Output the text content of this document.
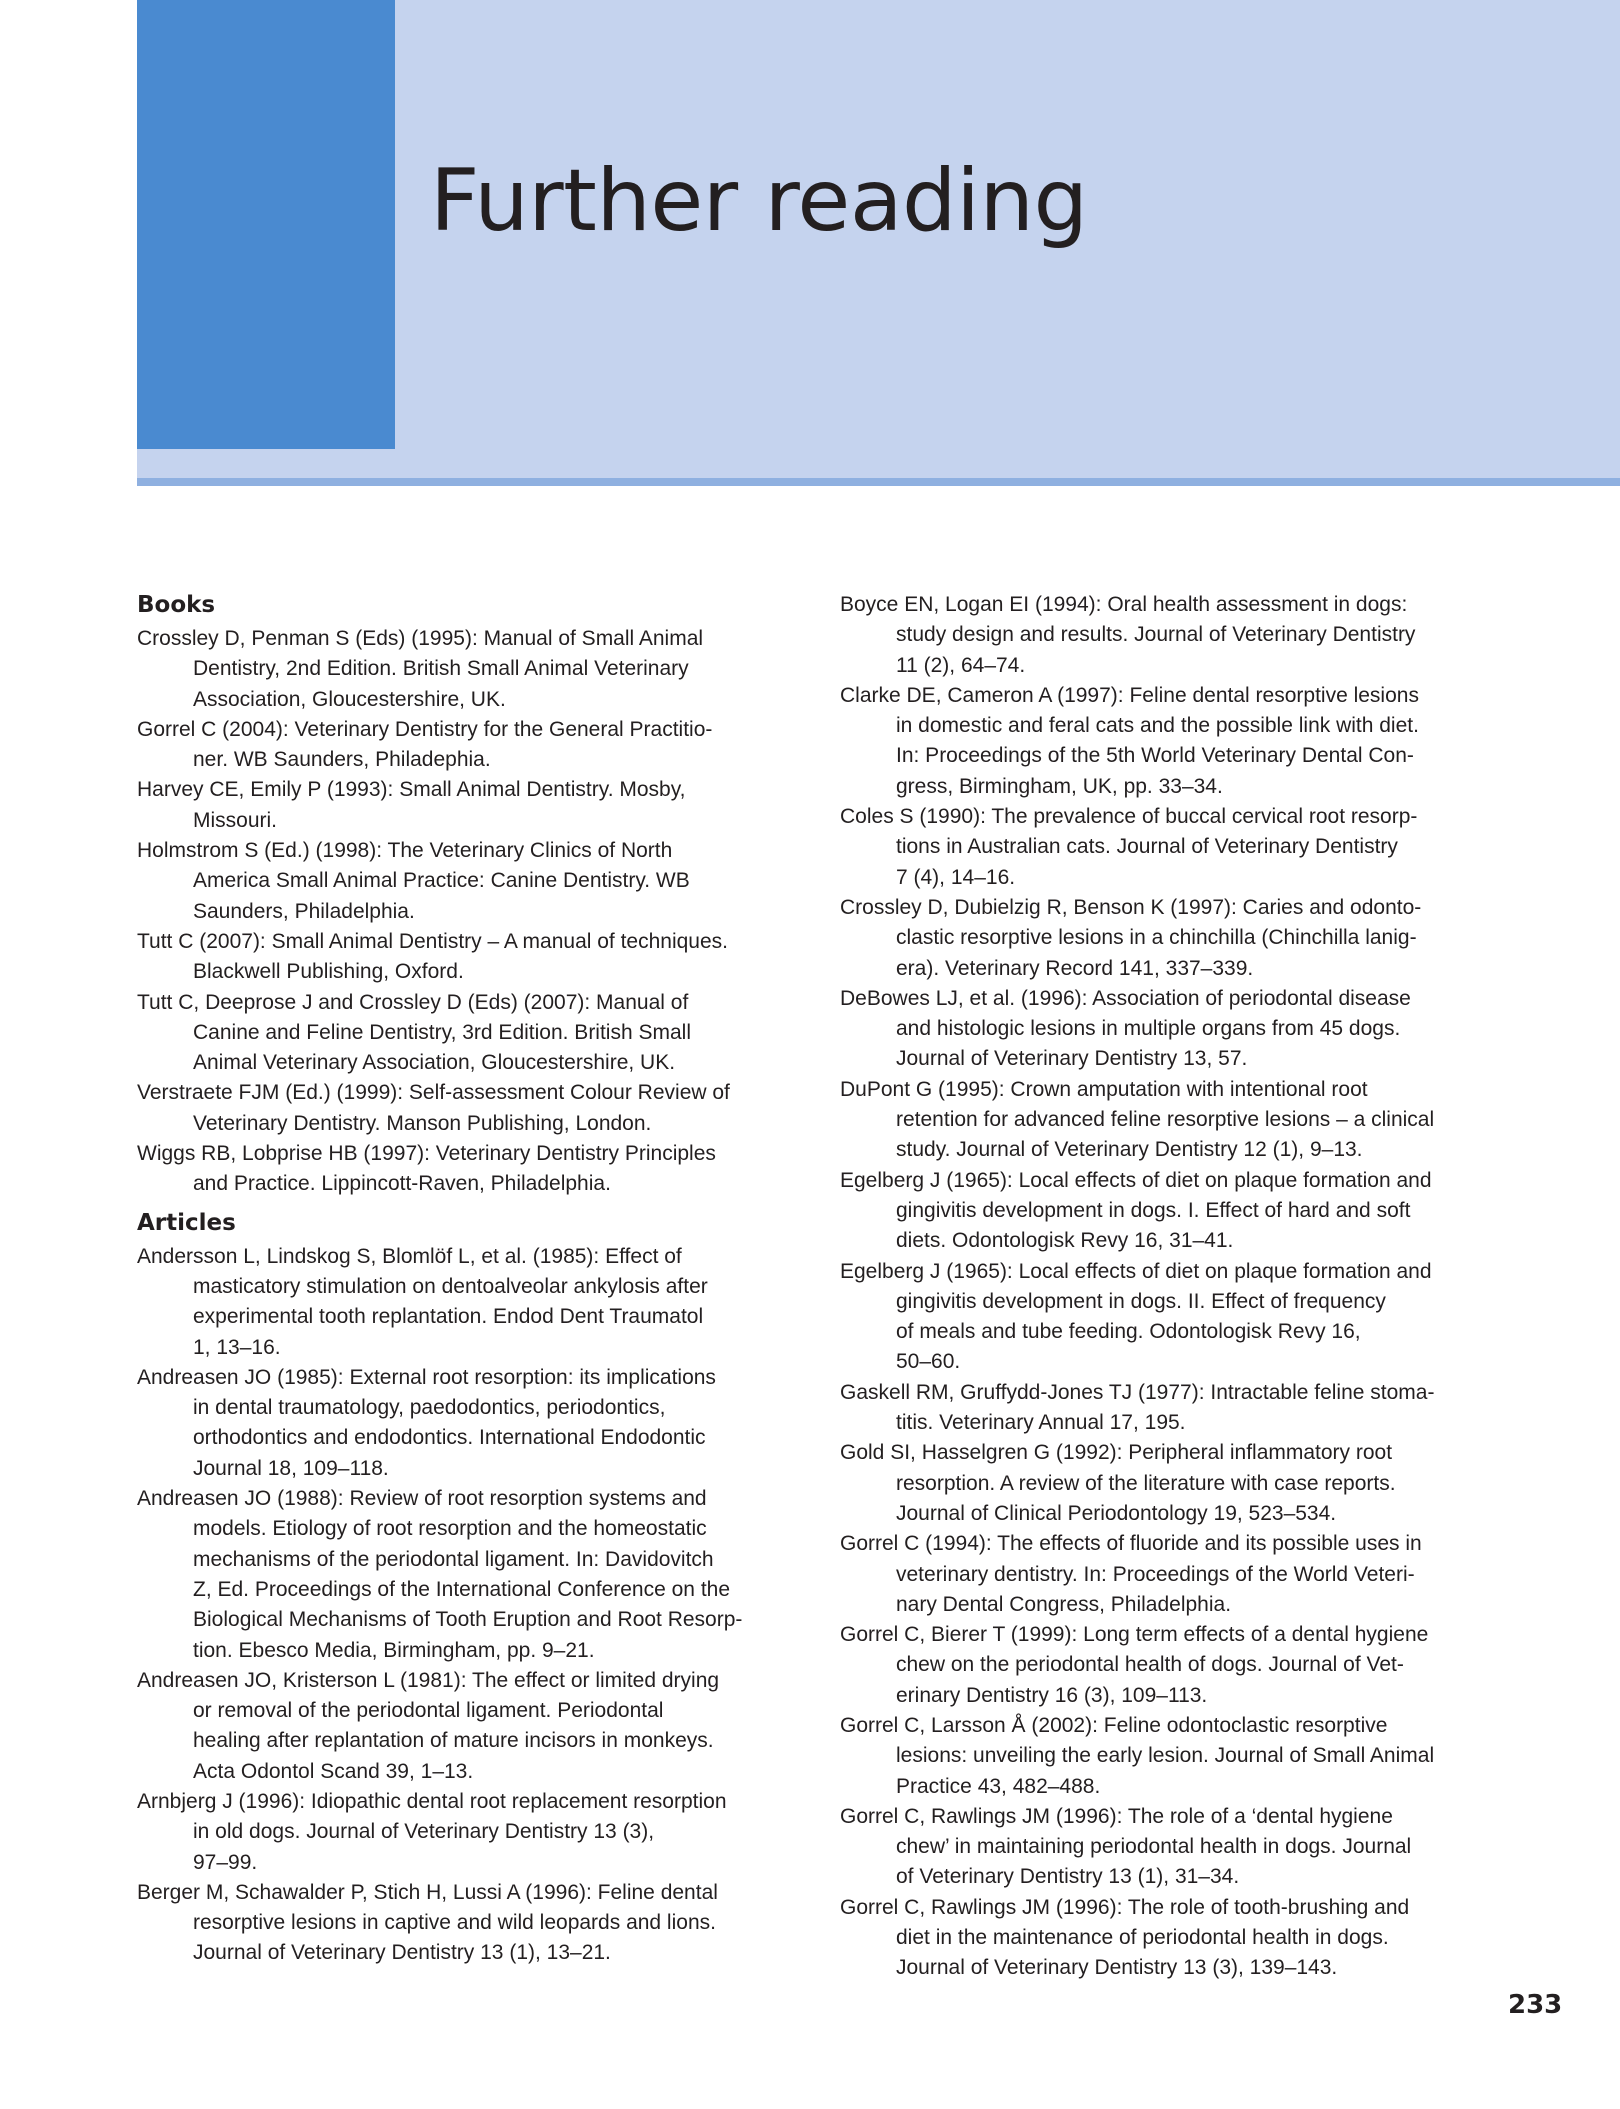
Further reading
Books

Crossley D, Penman S (Eds) (1995): Manual of Small Animal
Dentistry, 2nd Edition. British Small Animal Veterinary
Association, Gloucestershire, UK.

Gorrel C (2004): Veterinary Dentistry for the General Practitio-
ner. WB Saunders, Philadephia.

Harvey CE, Emily P (1993): Small Animal Dentistry. Mosby,
Missouri.

Holmstrom S (Ed.) (1998): The Veterinary Clinics of North
America Small Animal Practice: Canine Dentistry. WB
Saunders, Philadelphia.

Tutt C (2007): Small Animal Dentistry – A manual of techniques.
Blackwell Publishing, Oxford.

Tutt C, Deeprose J and Crossley D (Eds) (2007): Manual of
Canine and Feline Dentistry, 3rd Edition. British Small
Animal Veterinary Association, Gloucestershire, UK.

Verstraete FJM (Ed.) (1999): Self-assessment Colour Review of
Veterinary Dentistry. Manson Publishing, London.

Wiggs RB, Lobprise HB (1997): Veterinary Dentistry Principles
and Practice. Lippincott-Raven, Philadelphia.

Articles

Andersson L, Lindskog S, Blomlöf L, et al. (1985): Effect of
masticatory stimulation on dentoalveolar ankylosis after
experimental tooth replantation. Endod Dent Traumatol
1, 13–16.

Andreasen JO (1985): External root resorption: its implications
in dental traumatology, paedodontics, periodontics,
orthodontics and endodontics. International Endodontic
Journal 18, 109–118.

Andreasen JO (1988): Review of root resorption systems and
models. Etiology of root resorption and the homeostatic
mechanisms of the periodontal ligament. In: Davidovitch
Z, Ed. Proceedings of the International Conference on the
Biological Mechanisms of Tooth Eruption and Root Resorp-
tion. Ebesco Media, Birmingham, pp. 9–21.

Andreasen JO, Kristerson L (1981): The effect or limited drying
or removal of the periodontal ligament. Periodontal
healing after replantation of mature incisors in monkeys.
Acta Odontol Scand 39, 1–13.

Arnbjerg J (1996): Idiopathic dental root replacement resorption
in old dogs. Journal of Veterinary Dentistry 13 (3),
97–99.

Berger M, Schawalder P, Stich H, Lussi A (1996): Feline dental
resorptive lesions in captive and wild leopards and lions.
Journal of Veterinary Dentistry 13 (1), 13–21.

Boyce EN, Logan EI (1994): Oral health assessment in dogs:
study design and results. Journal of Veterinary Dentistry
11 (2), 64–74.

Clarke DE, Cameron A (1997): Feline dental resorptive lesions
in domestic and feral cats and the possible link with diet.
In: Proceedings of the 5th World Veterinary Dental Con-
gress, Birmingham, UK, pp. 33–34.

Coles S (1990): The prevalence of buccal cervical root resorp-
tions in Australian cats. Journal of Veterinary Dentistry
7 (4), 14–16.

Crossley D, Dubielzig R, Benson K (1997): Caries and odonto-
clastic resorptive lesions in a chinchilla (Chinchilla lanig-
era). Veterinary Record 141, 337–339.

DeBowes LJ, et al. (1996): Association of periodontal disease
and histologic lesions in multiple organs from 45 dogs.
Journal of Veterinary Dentistry 13, 57.

DuPont G (1995): Crown amputation with intentional root
retention for advanced feline resorptive lesions – a clinical
study. Journal of Veterinary Dentistry 12 (1), 9–13.

Egelberg J (1965): Local effects of diet on plaque formation and
gingivitis development in dogs. I. Effect of hard and soft
diets. Odontologisk Revy 16, 31–41.

Egelberg J (1965): Local effects of diet on plaque formation and
gingivitis development in dogs. II. Effect of frequency
of meals and tube feeding. Odontologisk Revy 16,
50–60.

Gaskell RM, Gruffydd-Jones TJ (1977): Intractable feline stoma-
titis. Veterinary Annual 17, 195.

Gold SI, Hasselgren G (1992): Peripheral inflammatory root
resorption. A review of the literature with case reports.
Journal of Clinical Periodontology 19, 523–534.

Gorrel C (1994): The effects of fluoride and its possible uses in
veterinary dentistry. In: Proceedings of the World Veteri-
nary Dental Congress, Philadelphia.

Gorrel C, Bierer T (1999): Long term effects of a dental hygiene
chew on the periodontal health of dogs. Journal of Vet-
erinary Dentistry 16 (3), 109–113.

Gorrel C, Larsson Å (2002): Feline odontoclastic resorptive
lesions: unveiling the early lesion. Journal of Small Animal
Practice 43, 482–488.

Gorrel C, Rawlings JM (1996): The role of a ‘dental hygiene
chew’ in maintaining periodontal health in dogs. Journal
of Veterinary Dentistry 13 (1), 31–34.

Gorrel C, Rawlings JM (1996): The role of tooth-brushing and
diet in the maintenance of periodontal health in dogs.
Journal of Veterinary Dentistry 13 (3), 139–143.

233
